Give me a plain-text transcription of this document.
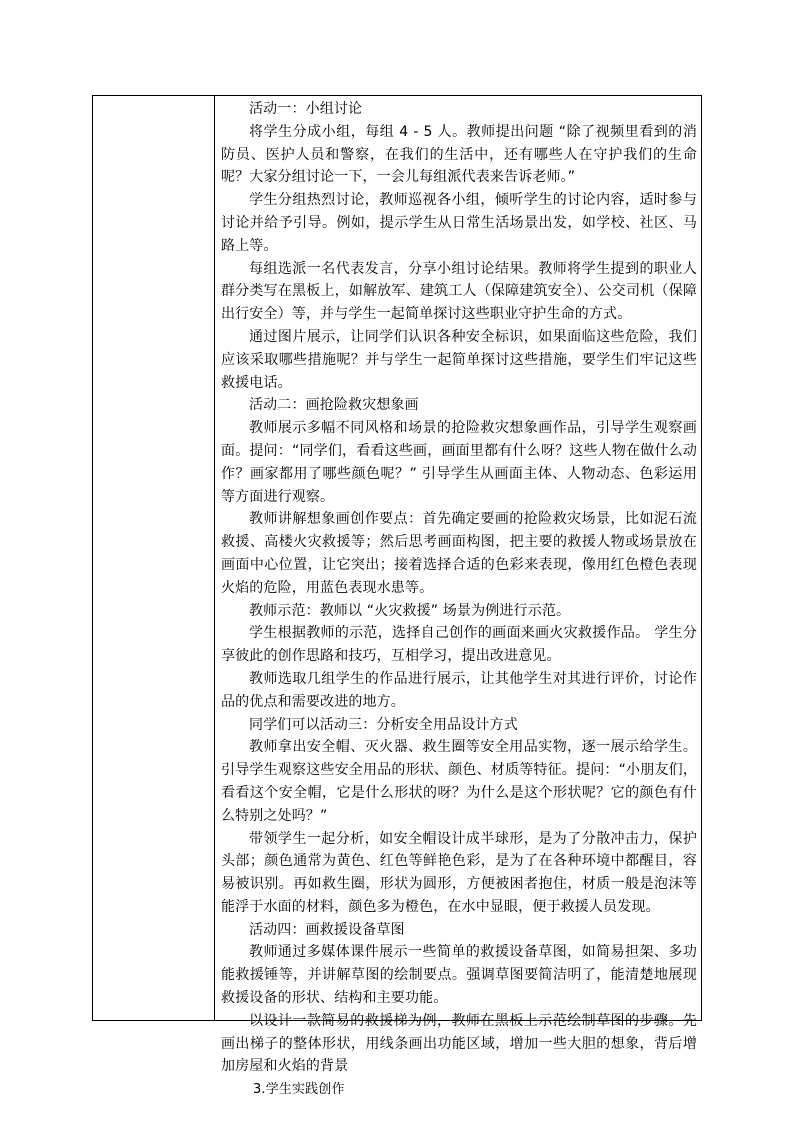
活动一：小组讨论

将学生分成小组，每组 4 - 5 人。教师提出问题 “除了视频里看到的消防员、医护人员和警察，在我们的生活中，还有哪些人在守护我们的生命呢？大家分组讨论一下，一会儿每组派代表来告诉老师。”

学生分组热烈讨论，教师巡视各小组，倾听学生的讨论内容，适时参与讨论并给予引导。例如，提示学生从日常生活场景出发，如学校、社区、马路上等。

每组选派一名代表发言，分享小组讨论结果。教师将学生提到的职业人群分类写在黑板上，如解放军、建筑工人（保障建筑安全）、公交司机（保障出行安全）等，并与学生一起简单探讨这些职业守护生命的方式。

通过图片展示，让同学们认识各种安全标识，如果面临这些危险，我们应该采取哪些措施呢？并与学生一起简单探讨这些措施，要学生们牢记这些救援电话。

活动二：画抢险救灾想象画

教师展示多幅不同风格和场景的抢险救灾想象画作品，引导学生观察画面。提问：“同学们，看看这些画，画面里都有什么呀？这些人物在做什么动作？画家都用了哪些颜色呢？” 引导学生从画面主体、人物动态、色彩运用等方面进行观察。

教师讲解想象画创作要点：首先确定要画的抢险救灾场景，比如泥石流救援、高楼火灾救援等；然后思考画面构图，把主要的救援人物或场景放在画面中心位置，让它突出；接着选择合适的色彩来表现，像用红色橙色表现火焰的危险，用蓝色表现水患等。

教师示范：教师以 “火灾救援” 场景为例进行示范。

学生根据教师的示范，选择自己创作的画面来画火灾救援作品。 学生分享彼此的创作思路和技巧，互相学习，提出改进意见。

教师选取几组学生的作品进行展示，让其他学生对其进行评价，讨论作品的优点和需要改进的地方。

同学们可以活动三：分析安全用品设计方式

教师拿出安全帽、灭火器、救生圈等安全用品实物，逐一展示给学生。引导学生观察这些安全用品的形状、颜色、材质等特征。提问：“小朋友们，看看这个安全帽，它是什么形状的呀？为什么是这个形状呢？它的颜色有什么特别之处吗？”

带领学生一起分析，如安全帽设计成半球形，是为了分散冲击力，保护头部；颜色通常为黄色、红色等鲜艳色彩，是为了在各种环境中都醒目，容易被识别。再如救生圈，形状为圆形，方便被困者抱住，材质一般是泡沫等能浮于水面的材料，颜色多为橙色，在水中显眼，便于救援人员发现。

活动四：画救援设备草图

教师通过多媒体课件展示一些简单的救援设备草图，如简易担架、多功能救援锤等，并讲解草图的绘制要点。强调草图要简洁明了，能清楚地展现救援设备的形状、结构和主要功能。

以设计一款简易的救援梯为例，教师在黑板上示范绘制草图的步骤。先画出梯子的整体形状，用线条画出功能区域，增加一些大胆的想象，背后增加房屋和火焰的背景

3.学生实践创作
